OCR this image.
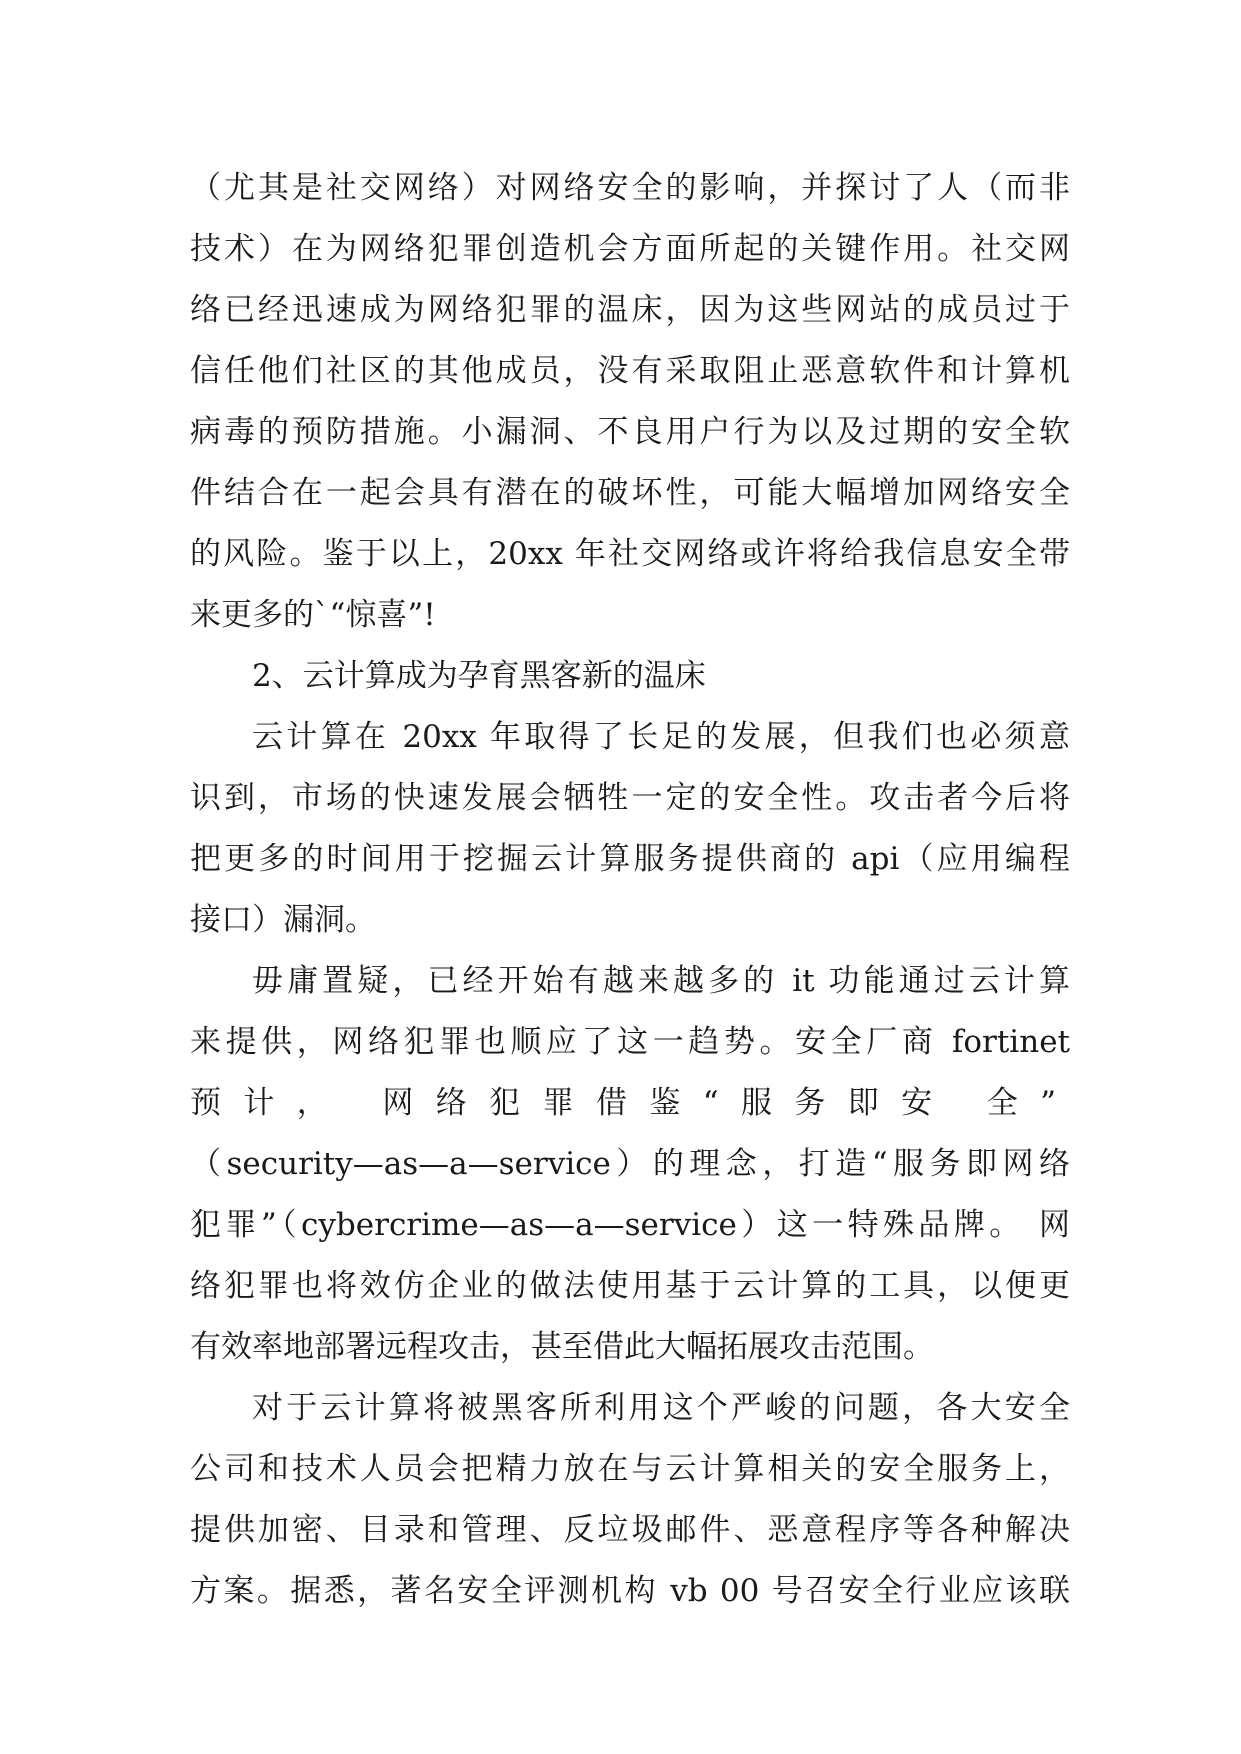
（尤其是社交网络）对网络安全的影响，并探讨了人（而非
技术）在为网络犯罪创造机会方面所起的关键作用。社交网
络已经迅速成为网络犯罪的温床，因为这些网站的成员过于
信任他们社区的其他成员，没有采取阻止恶意软件和计算机
病毒的预防措施。小漏洞、不良用户行为以及过期的安全软
件结合在一起会具有潜在的破坏性，可能大幅增加网络安全
的风险。鉴于以上，20xx 年社交网络或许将给我信息安全带
来更多的`“惊喜”!
2、云计算成为孕育黑客新的温床
云计算在 20xx 年取得了长足的发展，但我们也必须意
识到，市场的快速发展会牺牲一定的安全性。攻击者今后将
把更多的时间用于挖掘云计算服务提供商的 api（应用编程
接口）漏洞。
毋庸置疑，已经开始有越来越多的 it 功能通过云计算
来提供，网络犯罪也顺应了这一趋势。安全厂商 fortinet
预计， 网络犯罪借鉴“服务即安 全”
（security—as—a—service）的理念，打造“服务即网络
犯罪”（cybercrime—as—a—service）这一特殊品牌。 网
络犯罪也将效仿企业的做法使用基于云计算的工具，以便更
有效率地部署远程攻击，甚至借此大幅拓展攻击范围。
对于云计算将被黑客所利用这个严峻的问题，各大安全
公司和技术人员会把精力放在与云计算相关的安全服务上，
提供加密、目录和管理、反垃圾邮件、恶意程序等各种解决
方案。据悉，著名安全评测机构 vb 00 号召安全行业应该联
